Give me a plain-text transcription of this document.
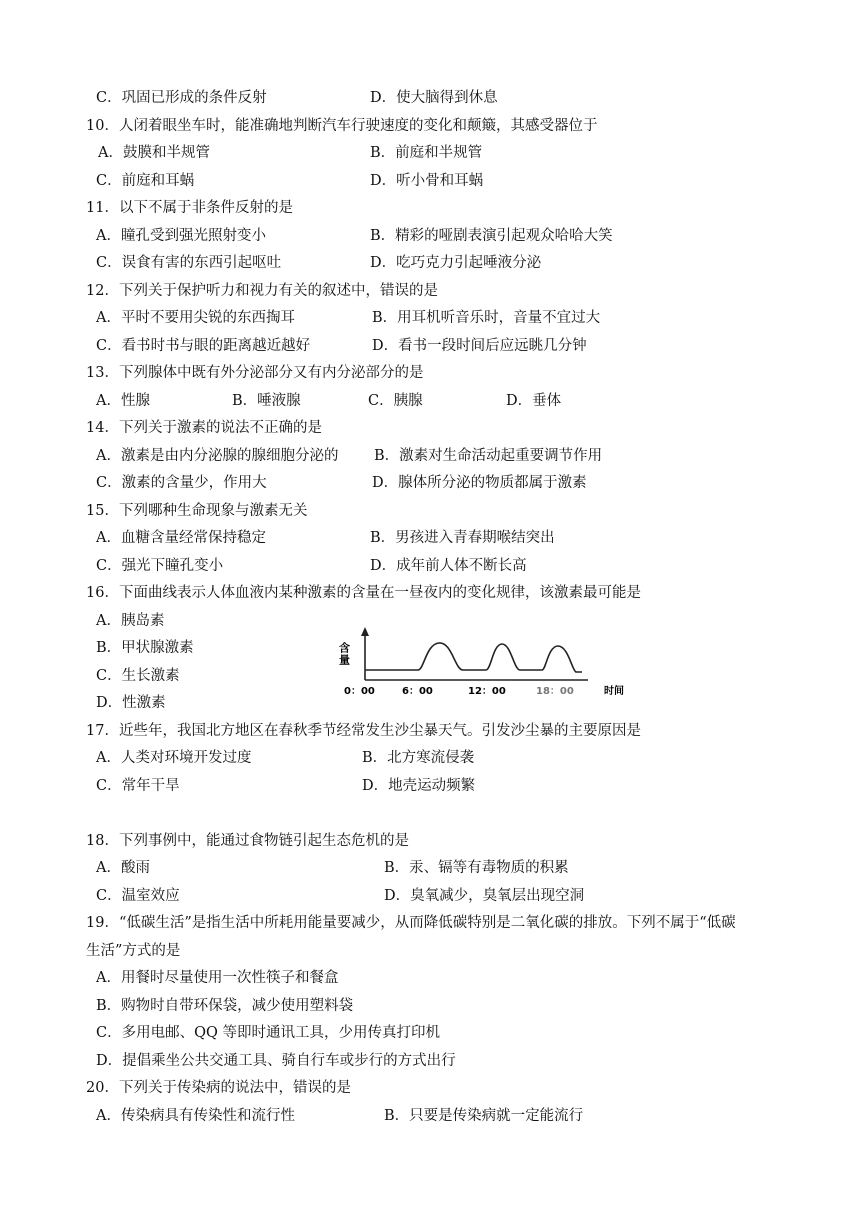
C．巩固已形成的条件反射	D．使大脑得到休息
10．人闭着眼坐车时，能准确地判断汽车行驶速度的变化和颠簸，其感受器位于
A．鼓膜和半规管	B．前庭和半规管
C．前庭和耳蜗	D．听小骨和耳蜗
11．以下不属于非条件反射的是
A．瞳孔受到强光照射变小	B．精彩的哑剧表演引起观众哈哈大笑
C．误食有害的东西引起呕吐	D．吃巧克力引起唾液分泌
12．下列关于保护听力和视力有关的叙述中，错误的是
A．平时不要用尖锐的东西掏耳	B．用耳机听音乐时，音量不宜过大
C．看书时书与眼的距离越近越好	D．看书一段时间后应远眺几分钟
13．下列腺体中既有外分泌部分又有内分泌部分的是
A．性腺	B．唾液腺	C．胰腺	D．垂体
14．下列关于激素的说法不正确的是
A．激素是由内分泌腺的腺细胞分泌的 B．激素对生命活动起重要调节作用
C．激素的含量少，作用大	D．腺体所分泌的物质都属于激素
15．下列哪种生命现象与激素无关
A．血糖含量经常保持稳定	B．男孩进入青春期喉结突出
C．强光下瞳孔变小	D．成年前人体不断长高
16．下面曲线表示人体血液内某种激素的含量在一昼夜内的变化规律，该激素最可能是
A．胰岛素
B．甲状腺激素
C．生长激素
D．性激素
含量
0：00	6：00	12：00	18：00	时间
17．近些年，我国北方地区在春秋季节经常发生沙尘暴天气。引发沙尘暴的主要原因是
A．人类对环境开发过度	B．北方寒流侵袭
C．常年干旱	D．地壳运动频繁
18．下列事例中，能通过食物链引起生态危机的是
A．酸雨	B．汞、镉等有毒物质的积累
C．温室效应	D．臭氧减少，臭氧层出现空洞
19．“低碳生活”是指生活中所耗用能量要减少，从而降低碳特别是二氧化碳的排放。下列不属于“低碳
生活”方式的是
A．用餐时尽量使用一次性筷子和餐盒
B．购物时自带环保袋，减少使用塑料袋
C．多用电邮、QQ 等即时通讯工具，少用传真打印机
D．提倡乘坐公共交通工具、骑自行车或步行的方式出行
20．下列关于传染病的说法中，错误的是
A．传染病具有传染性和流行性	B．只要是传染病就一定能流行
